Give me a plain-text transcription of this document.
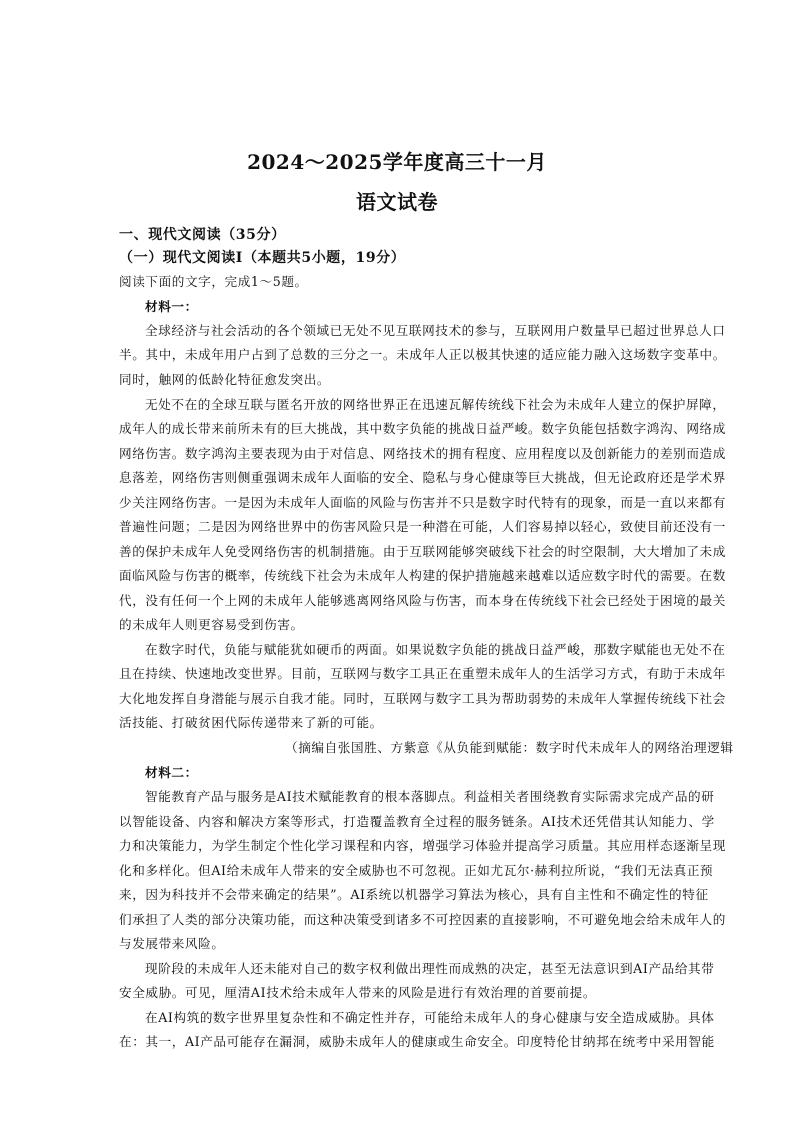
2024～2025学年度高三十一月
语文试卷
一、现代文阅读（35分）
（一）现代文阅读Ⅰ（本题共5小题，19分）
阅读下面的文字，完成1～5题。
材料一：
全球经济与社会活动的各个领域已无处不见互联网技术的参与，互联网用户数量早已超过世界总人口
半。其中，未成年用户占到了总数的三分之一。未成年人正以极其快速的适应能力融入这场数字变革中。
同时，触网的低龄化特征愈发突出。
无处不在的全球互联与匿名开放的网络世界正在迅速瓦解传统线下社会为未成年人建立的保护屏障，
成年人的成长带来前所未有的巨大挑战，其中数字负能的挑战日益严峻。数字负能包括数字鸿沟、网络成
网络伤害。数字鸿沟主要表现为由于对信息、网络技术的拥有程度、应用程度以及创新能力的差别而造成
息落差，网络伤害则侧重强调未成年人面临的安全、隐私与身心健康等巨大挑战，但无论政府还是学术界
少关注网络伤害。一是因为未成年人面临的风险与伤害并不只是数字时代特有的现象，而是一直以来都有
普遍性问题；二是因为网络世界中的伤害风险只是一种潜在可能，人们容易掉以轻心，致使目前还没有一
善的保护未成年人免受网络伤害的机制措施。由于互联网能够突破线下社会的时空限制，大大增加了未成
面临风险与伤害的概率，传统线下社会为未成年人构建的保护措施越来越难以适应数字时代的需要。在数
代，没有任何一个上网的未成年人能够逃离网络风险与伤害，而本身在传统线下社会已经处于困境的最关
的未成年人则更容易受到伤害。
在数字时代，负能与赋能犹如硬币的两面。如果说数字负能的挑战日益严峻，那数字赋能也无处不在
且在持续、快速地改变世界。目前，互联网与数字工具正在重塑未成年人的生活学习方式，有助于未成年
大化地发挥自身潜能与展示自我才能。同时，互联网与数字工具为帮助弱势的未成年人掌握传统线下社会
活技能、打破贫困代际传递带来了新的可能。
（摘编自张国胜、方紫意《从负能到赋能：数字时代未成年人的网络治理逻辑
材料二：
智能教育产品与服务是AI技术赋能教育的根本落脚点。利益相关者围绕教育实际需求完成产品的研
以智能设备、内容和解决方案等形式，打造覆盖教育全过程的服务链条。AI技术还凭借其认知能力、学
力和决策能力，为学生制定个性化学习课程和内容，增强学习体验并提高学习质量。其应用样态逐渐呈现
化和多样化。但AI给未成年人带来的安全威胁也不可忽视。正如尤瓦尔·赫利拉所说，“我们无法真正预
来，因为科技并不会带来确定的结果”。AI系统以机器学习算法为核心，具有自主性和不确定性的特征
们承担了人类的部分决策功能，而这种决策受到诸多不可控因素的直接影响，不可避免地会给未成年人的
与发展带来风险。
现阶段的未成年人还未能对自己的数字权利做出理性而成熟的决定，甚至无法意识到AI产品给其带
安全威胁。可见，厘清AI技术给未成年人带来的风险是进行有效治理的首要前提。
在AI构筑的数字世界里复杂性和不确定性并存，可能给未成年人的身心健康与安全造成威胁。具体
在：其一，AI产品可能存在漏洞，威胁未成年人的健康或生命安全。印度特伦甘纳邦在统考中采用智能
